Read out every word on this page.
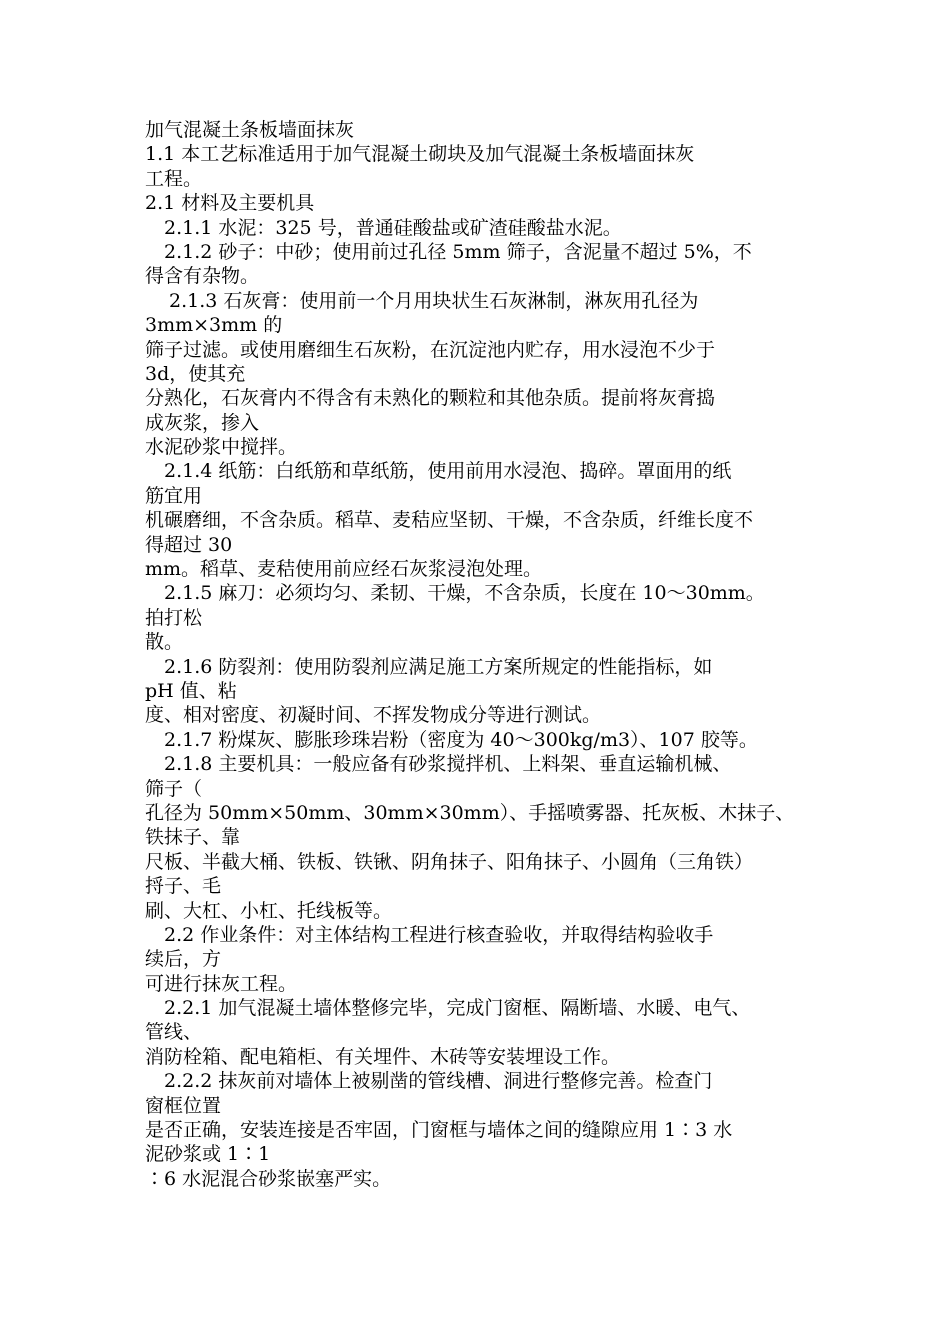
加气混凝土条板墙面抹灰
1.1 本工艺标准适用于加气混凝土砌块及加气混凝土条板墙面抹灰
工程。
2.1 材料及主要机具
2.1.1 水泥：325 号，普通硅酸盐或矿渣硅酸盐水泥。
2.1.2 砂子：中砂；使用前过孔径 5mm 筛子，含泥量不超过 5%，不
得含有杂物。
2.1.3 石灰膏：使用前一个月用块状生石灰淋制，淋灰用孔径为
3mm×3mm 的
筛子过滤。或使用磨细生石灰粉，在沉淀池内贮存，用水浸泡不少于
3d，使其充
分熟化，石灰膏内不得含有未熟化的颗粒和其他杂质。提前将灰膏捣
成灰浆，掺入
水泥砂浆中搅拌。
2.1.4 纸筋：白纸筋和草纸筋，使用前用水浸泡、捣碎。罩面用的纸
筋宜用
机碾磨细，不含杂质。稻草、麦秸应坚韧、干燥，不含杂质，纤维长度不
得超过 30
mm。稻草、麦秸使用前应经石灰浆浸泡处理。
2.1.5 麻刀：必须均匀、柔韧、干燥，不含杂质，长度在 10～30mm。
拍打松
散。
2.1.6 防裂剂：使用防裂剂应满足施工方案所规定的性能指标，如
pH 值、粘
度、相对密度、初凝时间、不挥发物成分等进行测试。
2.1.7 粉煤灰、膨胀珍珠岩粉（密度为 40～300kg/m3）、107 胶等。
2.1.8 主要机具：一般应备有砂浆搅拌机、上料架、垂直运输机械、
筛子（
孔径为 50mm×50mm、30mm×30mm）、手摇喷雾器、托灰板、木抹子、
铁抹子、靠
尺板、半截大桶、铁板、铁锹、阴角抹子、阳角抹子、小圆角（三角铁）
捋子、毛
刷、大杠、小杠、托线板等。
2.2 作业条件：对主体结构工程进行核查验收，并取得结构验收手
续后，方
可进行抹灰工程。
2.2.1 加气混凝土墙体整修完毕，完成门窗框、隔断墙、水暖、电气、
管线、
消防栓箱、配电箱柜、有关埋件、木砖等安装埋设工作。
2.2.2 抹灰前对墙体上被剔凿的管线槽、洞进行整修完善。检查门
窗框位置
是否正确，安装连接是否牢固，门窗框与墙体之间的缝隙应用 1∶3 水
泥砂浆或 1∶1
∶6 水泥混合砂浆嵌塞严实。
